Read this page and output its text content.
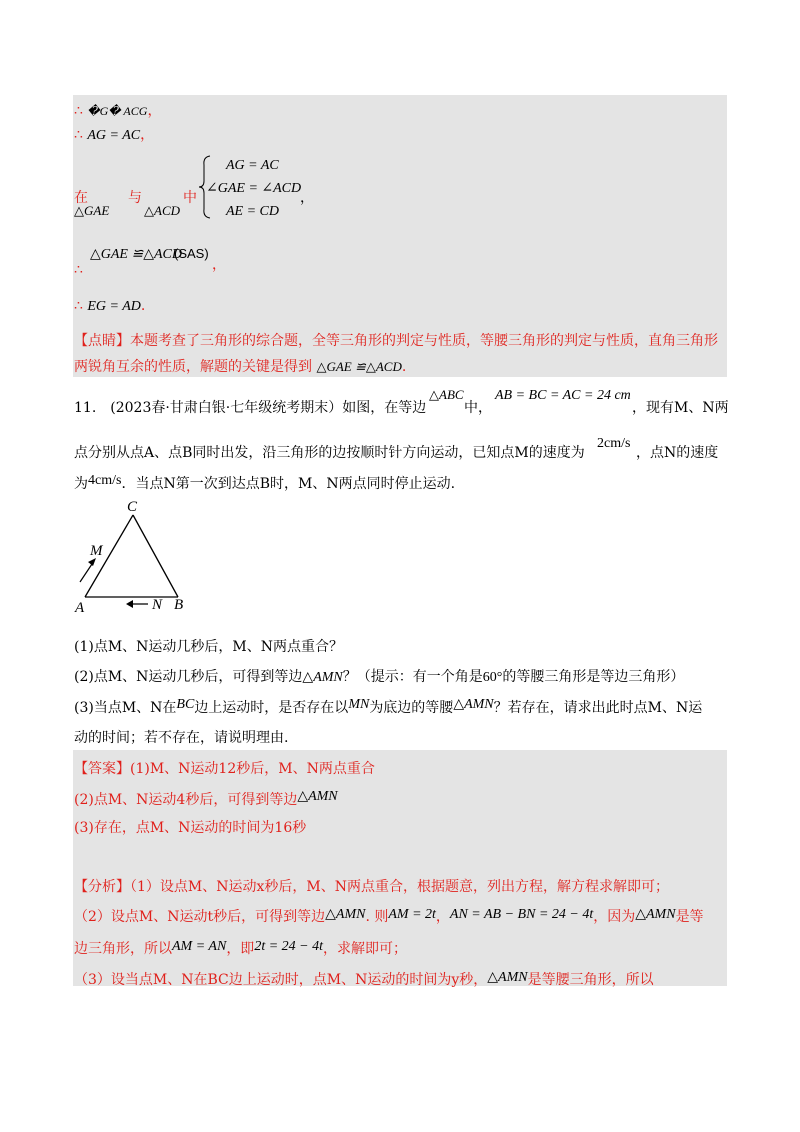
∴ �G� ACG，
∴ AG = AC，
在
△GAE
与
△ACD
中
AG = AC
∠GAE = ∠ACD
AE = CD
，
△GAE ≌△ACD
(SAS)
∴	，
∴ EG = AD.
【点睛】本题考查了三角形的综合题，全等三角形的判定与性质，等腰三角形的判定与性质，直角三角形
两锐角互余的性质，解题的关键是得到 △GAE ≌△ACD.
11.　(2023春·甘肃白银·七年级统考期末）如图，在等边
△ABC
中，
AB = BC = AC = 24 cm
，现有M、N两
点分别从点A、点B同时出发，沿三角形的边按顺时针方向运动，已知点M的速度为
2cm/s
，点N的速度
为4cm/s．当点N第一次到达点B时，M、N两点同时停止运动.
C
M
A	N B
(1)点M、N运动几秒后，M、N两点重合？
(2)点M、N运动几秒后，可得到等边△AMN？（提示：有一个角是60°的等腰三角形是等边三角形）
(3)当点M、N在BC边上运动时，是否存在以MN为底边的等腰△AMN？若存在，请求出此时点M、N运
动的时间；若不存在，请说明理由.
【答案】(1)M、N运动12秒后，M、N两点重合
(2)点M、N运动4秒后，可得到等边△AMN
(3)存在，点M、N运动的时间为16秒
【分析】（1）设点M、N运动x秒后，M、N两点重合，根据题意，列出方程，解方程求解即可；
（2）设点M、N运动t秒后，可得到等边△AMN. 则AM = 2t，AN = AB − BN = 24 − 4t，因为△AMN是等
边三角形，所以AM = AN，即2t = 24 − 4t，求解即可；
（3）设当点M、N在BC边上运动时，点M、N运动的时间为y秒，△AMN是等腰三角形，所以
